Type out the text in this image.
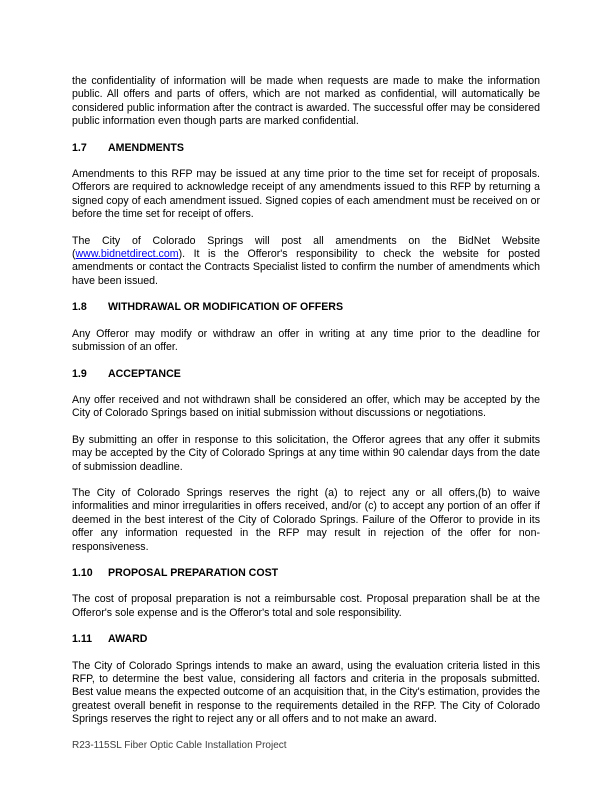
the confidentiality of information will be made when requests are made to make the information public. All offers and parts of offers, which are not marked as confidential, will automatically be considered public information after the contract is awarded. The successful offer may be considered public information even though parts are marked confidential.

1.7 AMENDMENTS

Amendments to this RFP may be issued at any time prior to the time set for receipt of proposals. Offerors are required to acknowledge receipt of any amendments issued to this RFP by returning a signed copy of each amendment issued. Signed copies of each amendment must be received on or before the time set for receipt of offers.

The City of Colorado Springs will post all amendments on the BidNet Website (www.bidnetdirect.com). It is the Offeror's responsibility to check the website for posted amendments or contact the Contracts Specialist listed to confirm the number of amendments which have been issued.

1.8 WITHDRAWAL OR MODIFICATION OF OFFERS

Any Offeror may modify or withdraw an offer in writing at any time prior to the deadline for submission of an offer.

1.9 ACCEPTANCE

Any offer received and not withdrawn shall be considered an offer, which may be accepted by the City of Colorado Springs based on initial submission without discussions or negotiations.

By submitting an offer in response to this solicitation, the Offeror agrees that any offer it submits may be accepted by the City of Colorado Springs at any time within 90 calendar days from the date of submission deadline.

The City of Colorado Springs reserves the right (a) to reject any or all offers,(b) to waive informalities and minor irregularities in offers received, and/or (c) to accept any portion of an offer if deemed in the best interest of the City of Colorado Springs. Failure of the Offeror to provide in its offer any information requested in the RFP may result in rejection of the offer for non-responsiveness.

1.10 PROPOSAL PREPARATION COST

The cost of proposal preparation is not a reimbursable cost. Proposal preparation shall be at the Offeror's sole expense and is the Offeror's total and sole responsibility.

1.11 AWARD

The City of Colorado Springs intends to make an award, using the evaluation criteria listed in this RFP, to determine the best value, considering all factors and criteria in the proposals submitted. Best value means the expected outcome of an acquisition that, in the City's estimation, provides the greatest overall benefit in response to the requirements detailed in the RFP. The City of Colorado Springs reserves the right to reject any or all offers and to not make an award.

R23-115SL Fiber Optic Cable Installation Project
